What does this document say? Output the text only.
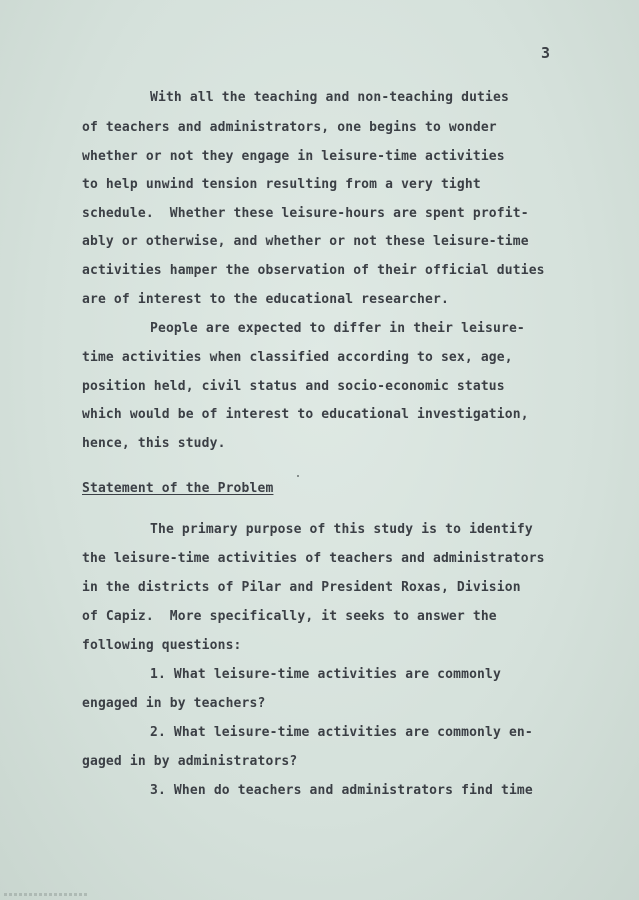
3
With all the teaching and non-teaching duties
of teachers and administrators, one begins to wonder
whether or not they engage in leisure-time activities
to help unwind tension resulting from a very tight
schedule.  Whether these leisure-hours are spent profit-
ably or otherwise, and whether or not these leisure-time
activities hamper the observation of their official duties
are of interest to the educational researcher.
People are expected to differ in their leisure-
time activities when classified according to sex, age,
position held, civil status and socio-economic status
which would be of interest to educational investigation,
hence, this study.
Statement of the Problem
The primary purpose of this study is to identify
the leisure-time activities of teachers and administrators
in the districts of Pilar and President Roxas, Division
of Capiz.  More specifically, it seeks to answer the
following questions:
1. What leisure-time activities are commonly
engaged in by teachers?
2. What leisure-time activities are commonly en-
gaged in by administrators?
3. When do teachers and administrators find time
